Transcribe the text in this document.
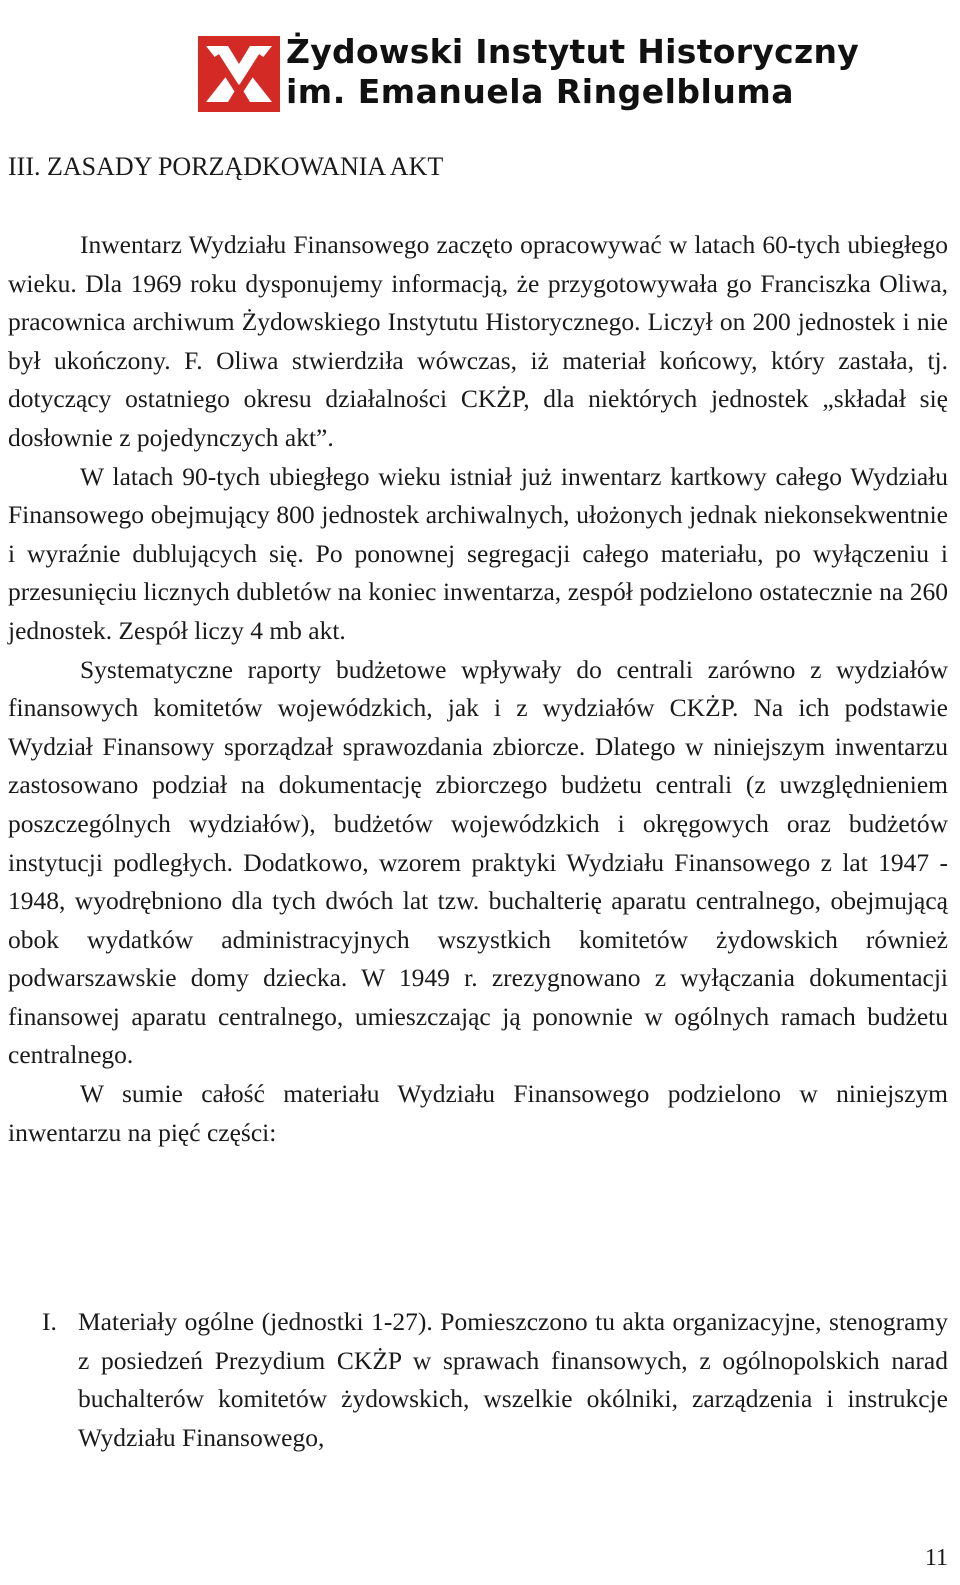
Żydowski Instytut Historyczny
im. Emanuela Ringelbluma
III. ZASADY PORZĄDKOWANIA AKT

Inwentarz Wydziału Finansowego zaczęto opracowywać w latach 60-tych ubiegłego wieku. Dla 1969 roku dysponujemy informacją, że przygotowywała go Franciszka Oliwa, pracownica archiwum Żydowskiego Instytutu Historycznego. Liczył on 200 jednostek i nie był ukończony. F. Oliwa stwierdziła wówczas, iż materiał końcowy, który zastała, tj. dotyczący ostatniego okresu działalności CKŻP, dla niektórych jednostek „składał się dosłownie z pojedynczych akt”.

W latach 90-tych ubiegłego wieku istniał już inwentarz kartkowy całego Wydziału Finansowego obejmujący 800 jednostek archiwalnych, ułożonych jednak niekonsekwentnie i wyraźnie dublujących się. Po ponownej segregacji całego materiału, po wyłączeniu i przesunięciu licznych dubletów na koniec inwentarza, zespół podzielono ostatecznie na 260 jednostek. Zespół liczy 4 mb akt.

Systematyczne raporty budżetowe wpływały do centrali zarówno z wydziałów finansowych komitetów wojewódzkich, jak i z wydziałów CKŻP. Na ich podstawie Wydział Finansowy sporządzał sprawozdania zbiorcze. Dlatego w niniejszym inwentarzu zastosowano podział na dokumentację zbiorczego budżetu centrali (z uwzględnieniem poszczególnych wydziałów), budżetów wojewódzkich i okręgowych oraz budżetów instytucji podległych. Dodatkowo, wzorem praktyki Wydziału Finansowego z lat 1947 - 1948, wyodrębniono dla tych dwóch lat tzw. buchalterię aparatu centralnego, obejmującą obok wydatków administracyjnych wszystkich komitetów żydowskich również podwarszawskie domy dziecka. W 1949 r. zrezygnowano z wyłączania dokumentacji finansowej aparatu centralnego, umieszczając ją ponownie w ogólnych ramach budżetu centralnego.

W sumie całość materiału Wydziału Finansowego podzielono w niniejszym inwentarzu na pięć części:

I. Materiały ogólne (jednostki 1-27). Pomieszczono tu akta organizacyjne, stenogramy z posiedzeń Prezydium CKŻP w sprawach finansowych, z ogólnopolskich narad buchalterów komitetów żydowskich, wszelkie okólniki, zarządzenia i instrukcje Wydziału Finansowego,
11
